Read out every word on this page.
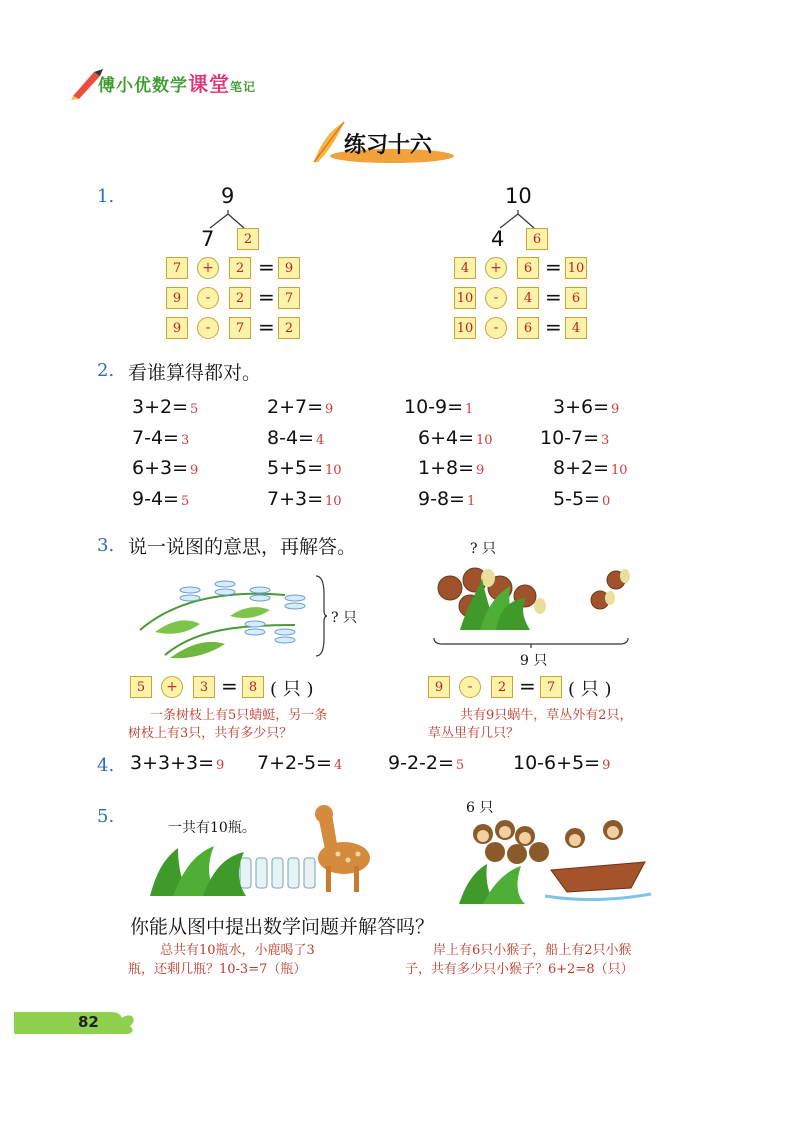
傅小优数学课堂笔记
练习十六
1.	9
7	2
7	+	2 = 9
9	-	2 = 7
9	-	7 = 2
10
4	6
4	+	6 = 10
10	-	4 = 6
10	-	6 = 4
2. 看谁算得都对。
3+2= 5	2+7= 9	10-9= 1	3+6= 9
7-4= 3	8-4= 4	6+4= 10 10-7= 3
6+3= 9	5+5= 10	1+8= 9	8+2= 10
9-4= 5	7+3= 10	9-8= 1	5-5= 0
3. 说一说图的意思，再解答。
? 只
? 只
9 只
5	+	3 = 8 ( 只 )	9	-	2 = 7 ( 只 )
一条树枝上有5只蜻蜓，另一条
树枝上有3只，共有多少只？
共有9只蜗牛，草丛外有2只，
草丛里有几只？
4. 3+3+3= 9 7+2-5= 4 9-2-2= 5	10-6+5= 9
5.
一共有10瓶。
6 只
你能从图中提出数学问题并解答吗？
总共有10瓶水，小鹿喝了3
瓶，还剩几瓶？10-3=7（瓶）
岸上有6只小猴子，船上有2只小猴
子，共有多少只小猴子？6+2=8（只）
82
